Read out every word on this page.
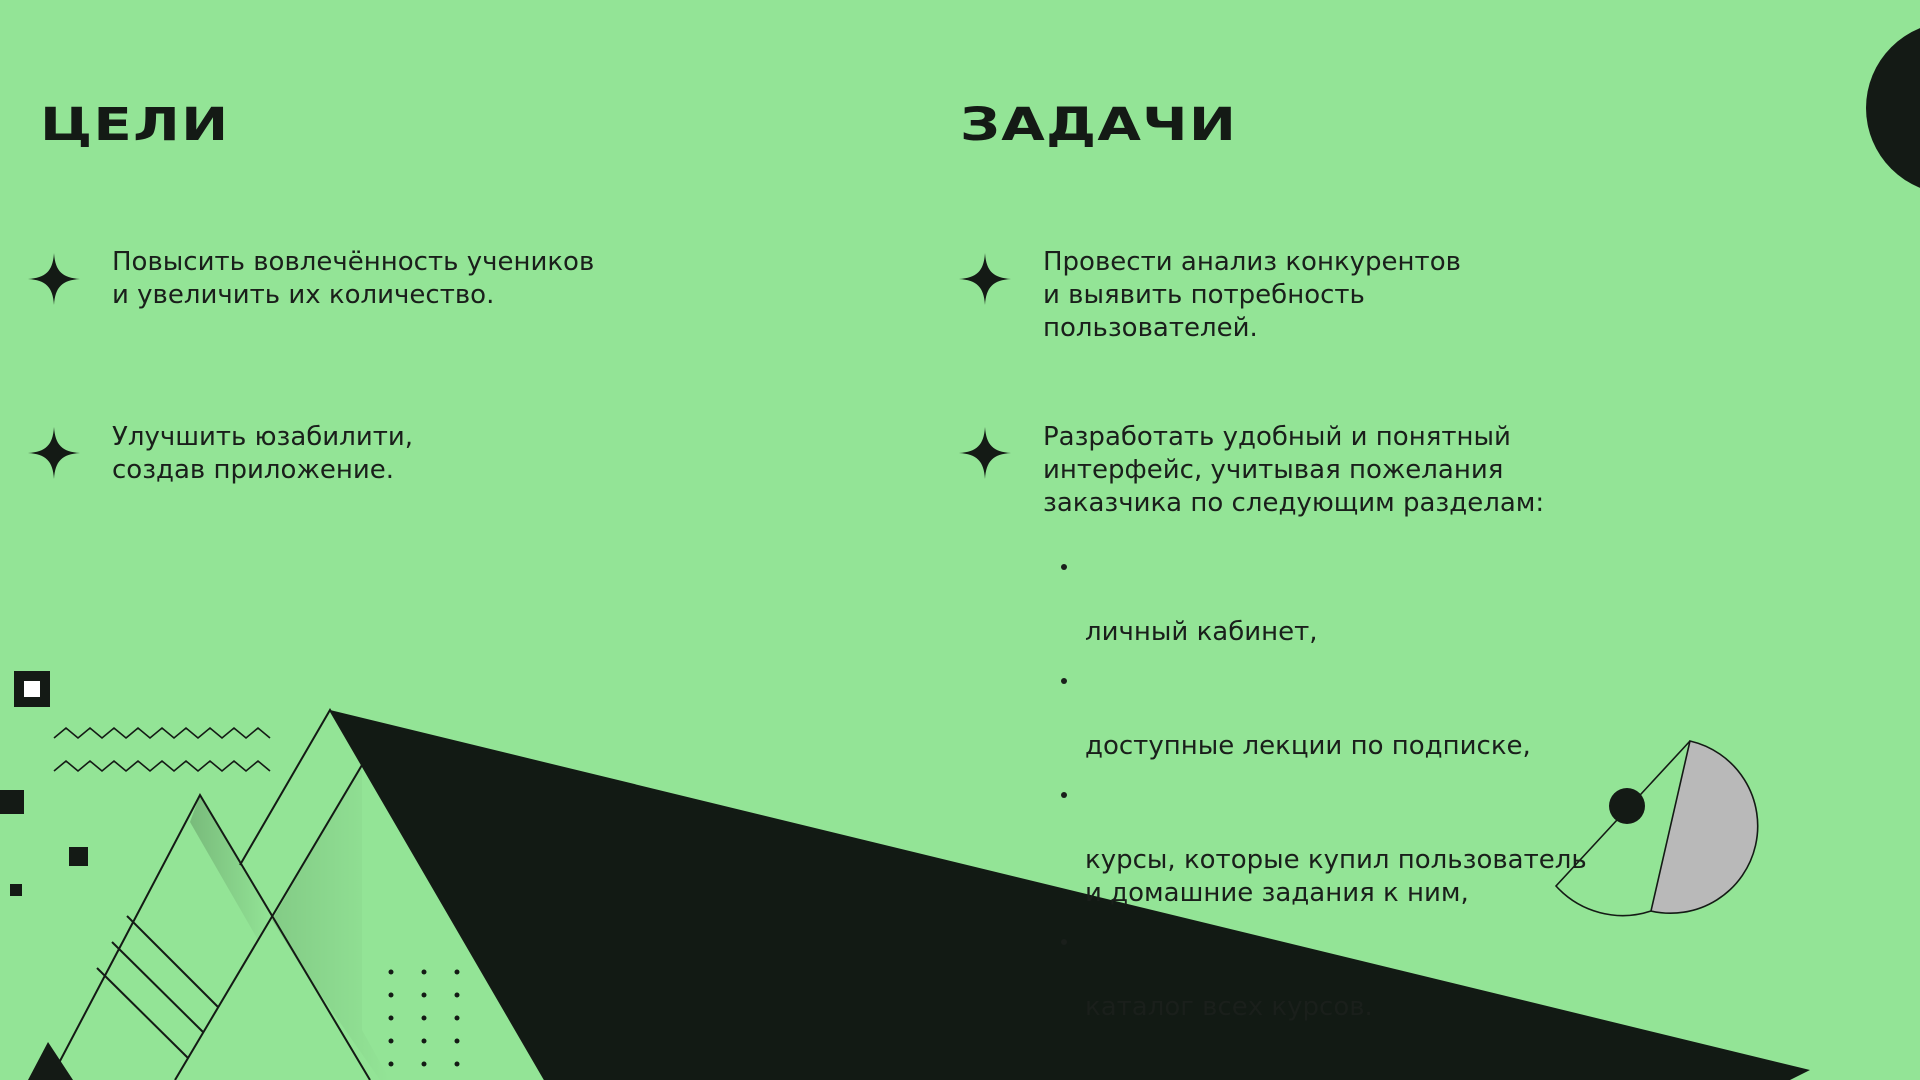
ЦЕЛИ
Повысить вовлечённость учеников
и увеличить их количество.
Улучшить юзабилити,
создав приложение.
ЗАДАЧИ
Провести анализ конкурентов
и выявить потребность
пользователей.
Разработать удобный и понятный
интерфейс, учитывая пожелания
заказчика по следующим разделам:

личный кабинет,

доступные лекции по подписке,

курсы, которые купил пользователь
и домашние задания к ним,

каталог всех курсов.
